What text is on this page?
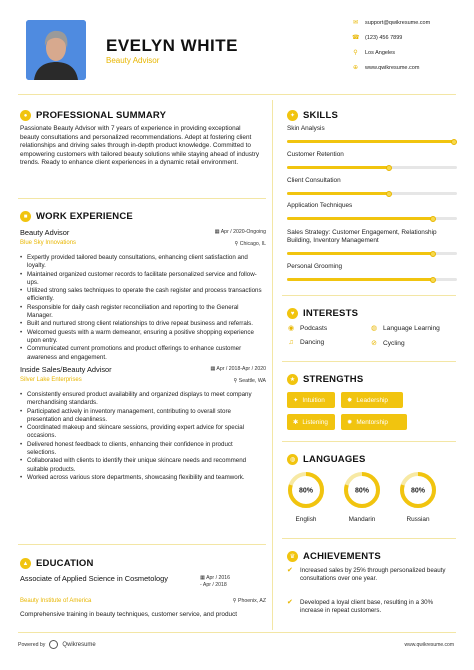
EVELYN WHITE
Beauty Advisor
✉ support@qwikresume.com
☎ (123) 456 7899
⚲ Los Angeles
⊕ www.qwikresume.com
● PROFESSIONAL SUMMARY
Passionate Beauty Advisor with 7 years of experience in providing exceptional beauty consultations and personalized recommendations. Adept at fostering client relationships and driving sales through in-depth product knowledge. Committed to empowering customers with tailored beauty solutions while staying ahead of industry trends. Ready to enhance client experiences in a dynamic retail environment.
■ WORK EXPERIENCE
Beauty Advisor
Blue Sky Innovations
▦ Apr / 2020-Ongoing
⚲ Chicago, IL
• Expertly provided tailored beauty consultations, enhancing client satisfaction and loyalty.
• Maintained organized customer records to facilitate personalized service and follow-ups.
• Utilized strong sales techniques to operate the cash register and process transactions efficiently.
• Responsible for daily cash register reconciliation and reporting to the General Manager.
• Built and nurtured strong client relationships to drive repeat business and referrals.
• Welcomed guests with a warm demeanor, ensuring a positive shopping experience upon entry.
• Communicated current promotions and product offerings to enhance customer awareness and engagement.
Inside Sales/Beauty Advisor
Silver Lake Enterprises
▦ Apr / 2018-Apr / 2020
⚲ Seattle, WA
• Consistently ensured product availability and organized displays to meet company merchandising standards.
• Participated actively in inventory management, contributing to overall store presentation and cleanliness.
• Coordinated makeup and skincare sessions, providing expert advice for special occasions.
• Delivered honest feedback to clients, enhancing their confidence in product selections.
• Collaborated with clients to identify their unique skincare needs and recommend suitable products.
• Worked across various store departments, showcasing flexibility and teamwork.
▲ EDUCATION
Associate of Applied Science in Cosmetology
Beauty Institute of America
▦ Apr / 2016 - Apr / 2018
⚲ Phoenix, AZ
Comprehensive training in beauty techniques, customer service, and product
✦ SKILLS
Skin Analysis
Customer Retention
Client Consultation
Application Techniques
Sales Strategy: Customer Engagement, Relationship Building, Inventory Management
Personal Grooming
♥ INTERESTS
◉ Podcasts	◍ Language Learning
♫ Dancing	⊘ Cycling
★ STRENGTHS
✦ Intuition	✸ Leadership
✱ Listening	✹ Mentorship
◍ LANGUAGES
80%
English
80%
Mandarin
80%
Russian
♛ ACHIEVEMENTS
✔	Increased sales by 25% through personalized beauty consultations over one year.
✔	Developed a loyal client base, resulting in a 30% increase in repeat customers.
Powered by	Qwikresume	www.qwikresume.com
